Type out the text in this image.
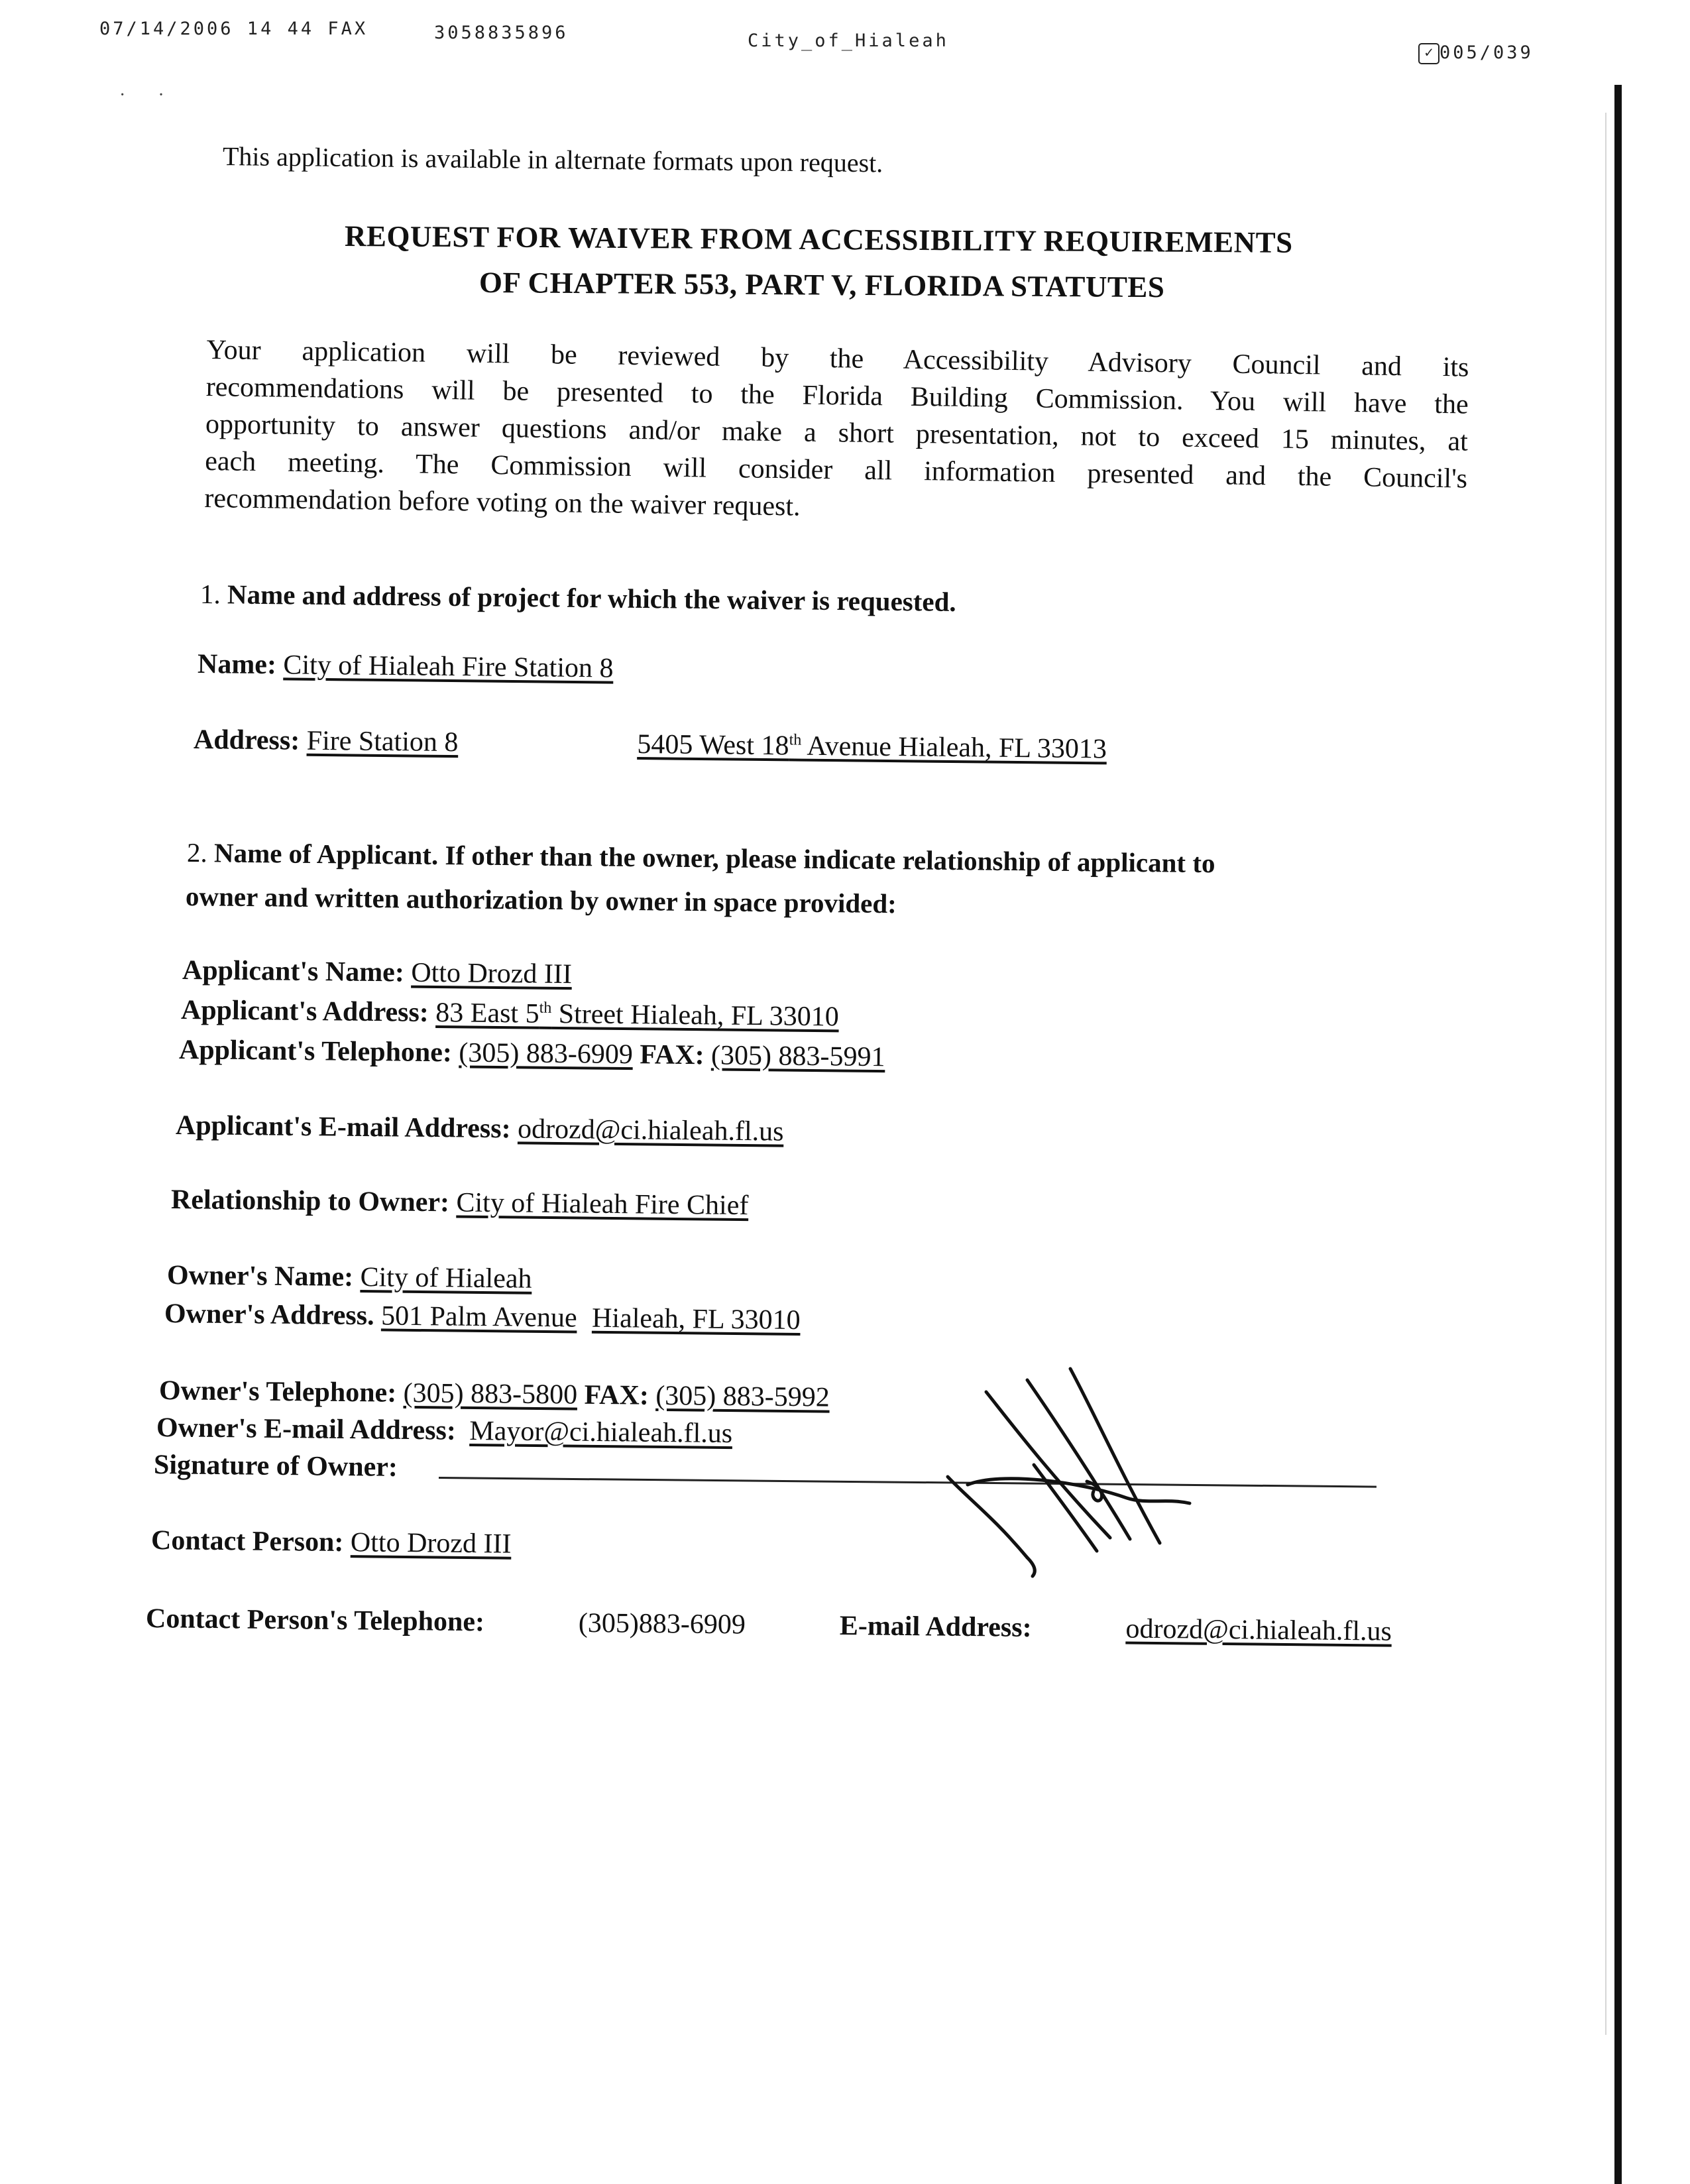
·       ·
07/14/2006 14 44 FAX	3058835896	City_of_Hialeah
✓ 005/039
This application is available in alternate formats upon request.
REQUEST FOR WAIVER FROM ACCESSIBILITY REQUIREMENTS
OF CHAPTER 553, PART V, FLORIDA STATUTES
Your application will be reviewed by the Accessibility Advisory Council and its
recommendations will be presented to the Florida Building Commission. You will have the
opportunity to answer questions and/or make a short presentation, not to exceed 15 minutes, at
each meeting. The Commission will consider all information presented and the Council's
recommendation before voting on the waiver request.
1. Name and address of project for which the waiver is requested.
Name: City of Hialeah Fire Station 8
Address: Fire Station 8	5405 West 18th Avenue Hialeah, FL 33013
2. Name of Applicant. If other than the owner, please indicate relationship of applicant to
owner and written authorization by owner in space provided:
Applicant's Name: Otto Drozd III
Applicant's Address: 83 East 5th Street Hialeah, FL 33010
Applicant's Telephone: (305) 883-6909 FAX: (305) 883-5991
Applicant's E-mail Address: odrozd@ci.hialeah.fl.us
Relationship to Owner: City of Hialeah Fire Chief
Owner's Name: City of Hialeah
Owner's Address. 501 Palm Avenue Hialeah, FL 33010
Owner's Telephone: (305) 883-5800 FAX: (305) 883-5992
Owner's E-mail Address: Mayor@ci.hialeah.fl.us
Signature of Owner:
Contact Person: Otto Drozd III
Contact Person's Telephone:	(305)883-6909	E-mail Address:	odrozd@ci.hialeah.fl.us
